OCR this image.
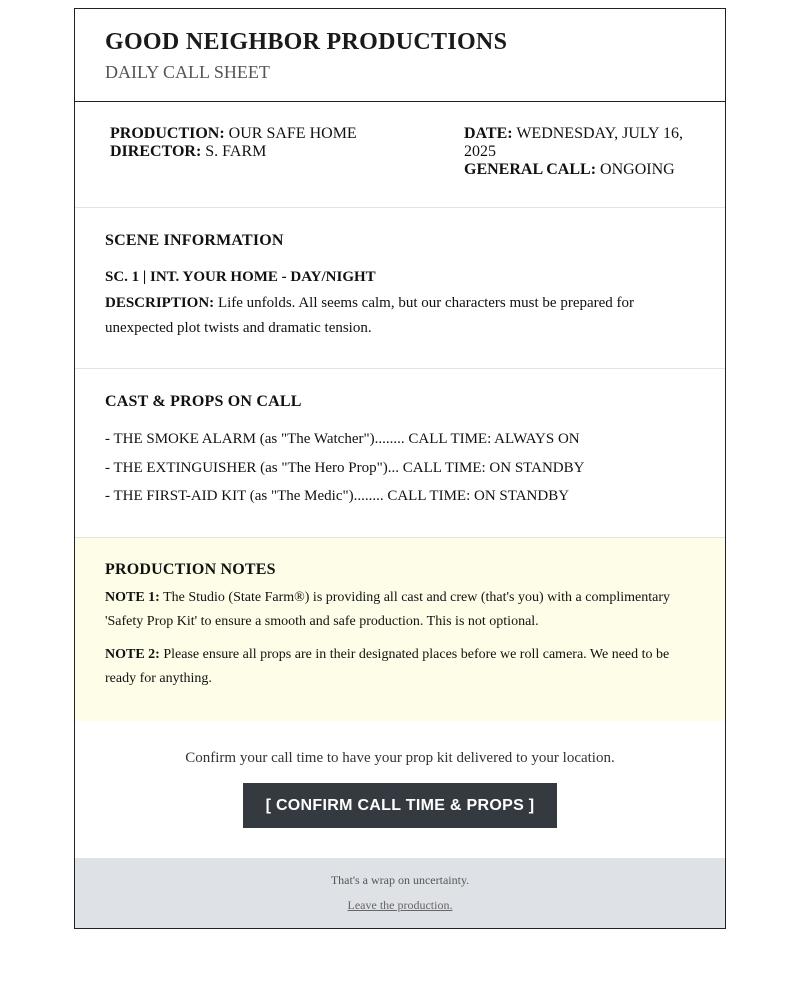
GOOD NEIGHBOR PRODUCTIONS
DAILY CALL SHEET
PRODUCTION: OUR SAFE HOME
DIRECTOR: S. FARM
DATE: WEDNESDAY, JULY 16, 2025
GENERAL CALL: ONGOING
SCENE INFORMATION
SC. 1 | INT. YOUR HOME - DAY/NIGHT
DESCRIPTION: Life unfolds. All seems calm, but our characters must be prepared for unexpected plot twists and dramatic tension.
CAST & PROPS ON CALL
- THE SMOKE ALARM (as "The Watcher")........ CALL TIME: ALWAYS ON
- THE EXTINGUISHER (as "The Hero Prop")... CALL TIME: ON STANDBY
- THE FIRST-AID KIT (as "The Medic")........ CALL TIME: ON STANDBY
PRODUCTION NOTES
NOTE 1: The Studio (State Farm®) is providing all cast and crew (that's you) with a complimentary 'Safety Prop Kit' to ensure a smooth and safe production. This is not optional.
NOTE 2: Please ensure all props are in their designated places before we roll camera. We need to be ready for anything.
Confirm your call time to have your prop kit delivered to your location.
[ CONFIRM CALL TIME & PROPS ]
That's a wrap on uncertainty.
Leave the production.
